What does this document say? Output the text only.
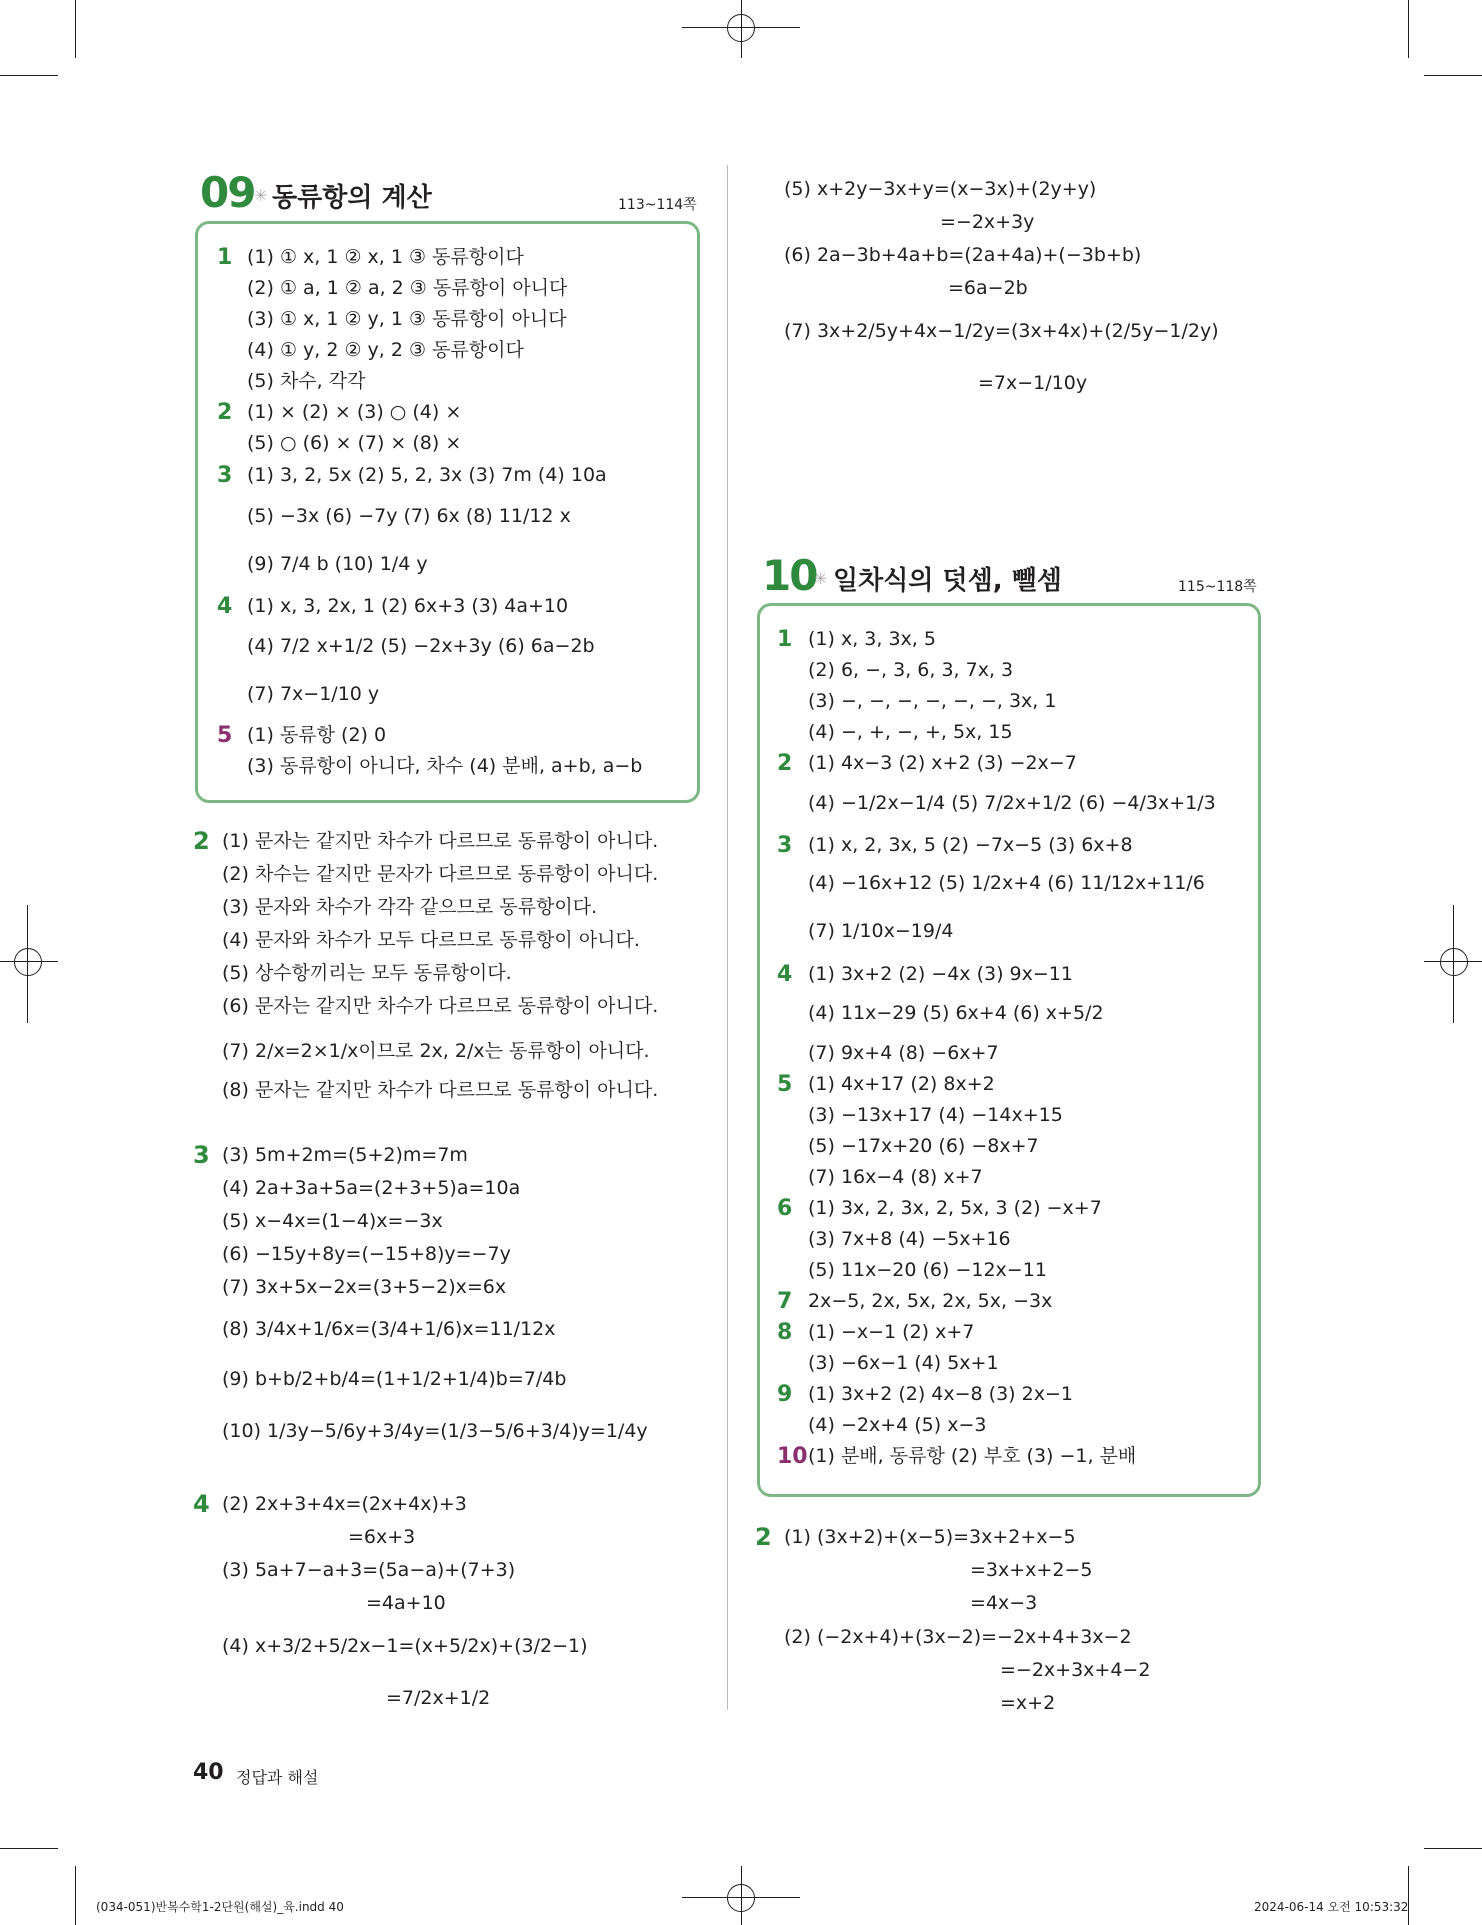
09 ✳ 동류항의 계산	113~114쪽
1 (1) ① x, 1 ② x, 1 ③ 동류항이다
(2) ① a, 1 ② a, 2 ③ 동류항이 아니다
(3) ① x, 1 ② y, 1 ③ 동류항이 아니다
(4) ① y, 2 ② y, 2 ③ 동류항이다
(5) 차수, 각각
2 (1) × (2) × (3) ○ (4) ×
(5) ○ (6) × (7) × (8) ×
3 (1) 3, 2, 5x (2) 5, 2, 3x (3) 7m (4) 10a
(5) −3x (6) −7y (7) 6x (8) 11/12 x
(9) 7/4 b (10) 1/4 y
4 (1) x, 3, 2x, 1 (2) 6x+3 (3) 4a+10
(4) 7/2 x+1/2 (5) −2x+3y (6) 6a−2b
(7) 7x−1/10 y
5 (1) 동류항 (2) 0
(3) 동류항이 아니다, 차수 (4) 분배, a+b, a−b
2 (1) 문자는 같지만 차수가 다르므로 동류항이 아니다.
(2) 차수는 같지만 문자가 다르므로 동류항이 아니다.
(3) 문자와 차수가 각각 같으므로 동류항이다.
(4) 문자와 차수가 모두 다르므로 동류항이 아니다.
(5) 상수항끼리는 모두 동류항이다.
(6) 문자는 같지만 차수가 다르므로 동류항이 아니다.
(7) 2/x=2×1/x이므로 2x, 2/x는 동류항이 아니다.
(8) 문자는 같지만 차수가 다르므로 동류항이 아니다.
3 (3) 5m+2m=(5+2)m=7m
(4) 2a+3a+5a=(2+3+5)a=10a
(5) x−4x=(1−4)x=−3x
(6) −15y+8y=(−15+8)y=−7y
(7) 3x+5x−2x=(3+5−2)x=6x
(8) 3/4x+1/6x=(3/4+1/6)x=11/12x
(9) b+b/2+b/4=(1+1/2+1/4)b=7/4b
(10) 1/3y−5/6y+3/4y=(1/3−5/6+3/4)y=1/4y
4 (2) 2x+3+4x=(2x+4x)+3
=6x+3
(3) 5a+7−a+3=(5a−a)+(7+3)
=4a+10
(4) x+3/2+5/2x−1=(x+5/2x)+(3/2−1)
=7/2x+1/2
(5) x+2y−3x+y=(x−3x)+(2y+y)
=−2x+3y
(6) 2a−3b+4a+b=(2a+4a)+(−3b+b)
=6a−2b
(7) 3x+2/5y+4x−1/2y=(3x+4x)+(2/5y−1/2y)
=7x−1/10y
10
✳ 일차식의 덧셈, 뺄셈	115~118쪽
1 (1) x, 3, 3x, 5
(2) 6, −, 3, 6, 3, 7x, 3
(3) −, −, −, −, −, −, 3x, 1
(4) −, +, −, +, 5x, 15
2 (1) 4x−3 (2) x+2 (3) −2x−7
(4) −1/2x−1/4 (5) 7/2x+1/2 (6) −4/3x+1/3
3 (1) x, 2, 3x, 5 (2) −7x−5 (3) 6x+8
(4) −16x+12 (5) 1/2x+4 (6) 11/12x+11/6
(7) 1/10x−19/4
4 (1) 3x+2 (2) −4x (3) 9x−11
(4) 11x−29 (5) 6x+4 (6) x+5/2
(7) 9x+4 (8) −6x+7
5 (1) 4x+17 (2) 8x+2
(3) −13x+17 (4) −14x+15
(5) −17x+20 (6) −8x+7
(7) 16x−4 (8) x+7
6 (1) 3x, 2, 3x, 2, 5x, 3 (2) −x+7
(3) 7x+8 (4) −5x+16
(5) 11x−20 (6) −12x−11
7 2x−5, 2x, 5x, 2x, 5x, −3x
8 (1) −x−1 (2) x+7
(3) −6x−1 (4) 5x+1
9 (1) 3x+2 (2) 4x−8 (3) 2x−1
(4) −2x+4 (5) x−3
10 (1) 분배, 동류항 (2) 부호 (3) −1, 분배
2 (1) (3x+2)+(x−5)=3x+2+x−5
=3x+x+2−5
=4x−3
(2) (−2x+4)+(3x−2)=−2x+4+3x−2
=−2x+3x+4−2
=x+2
40 정답과 해설
(034-051)반복수학1-2단원(해설)_육.indd 40	2024-06-14 오전 10:53:32
